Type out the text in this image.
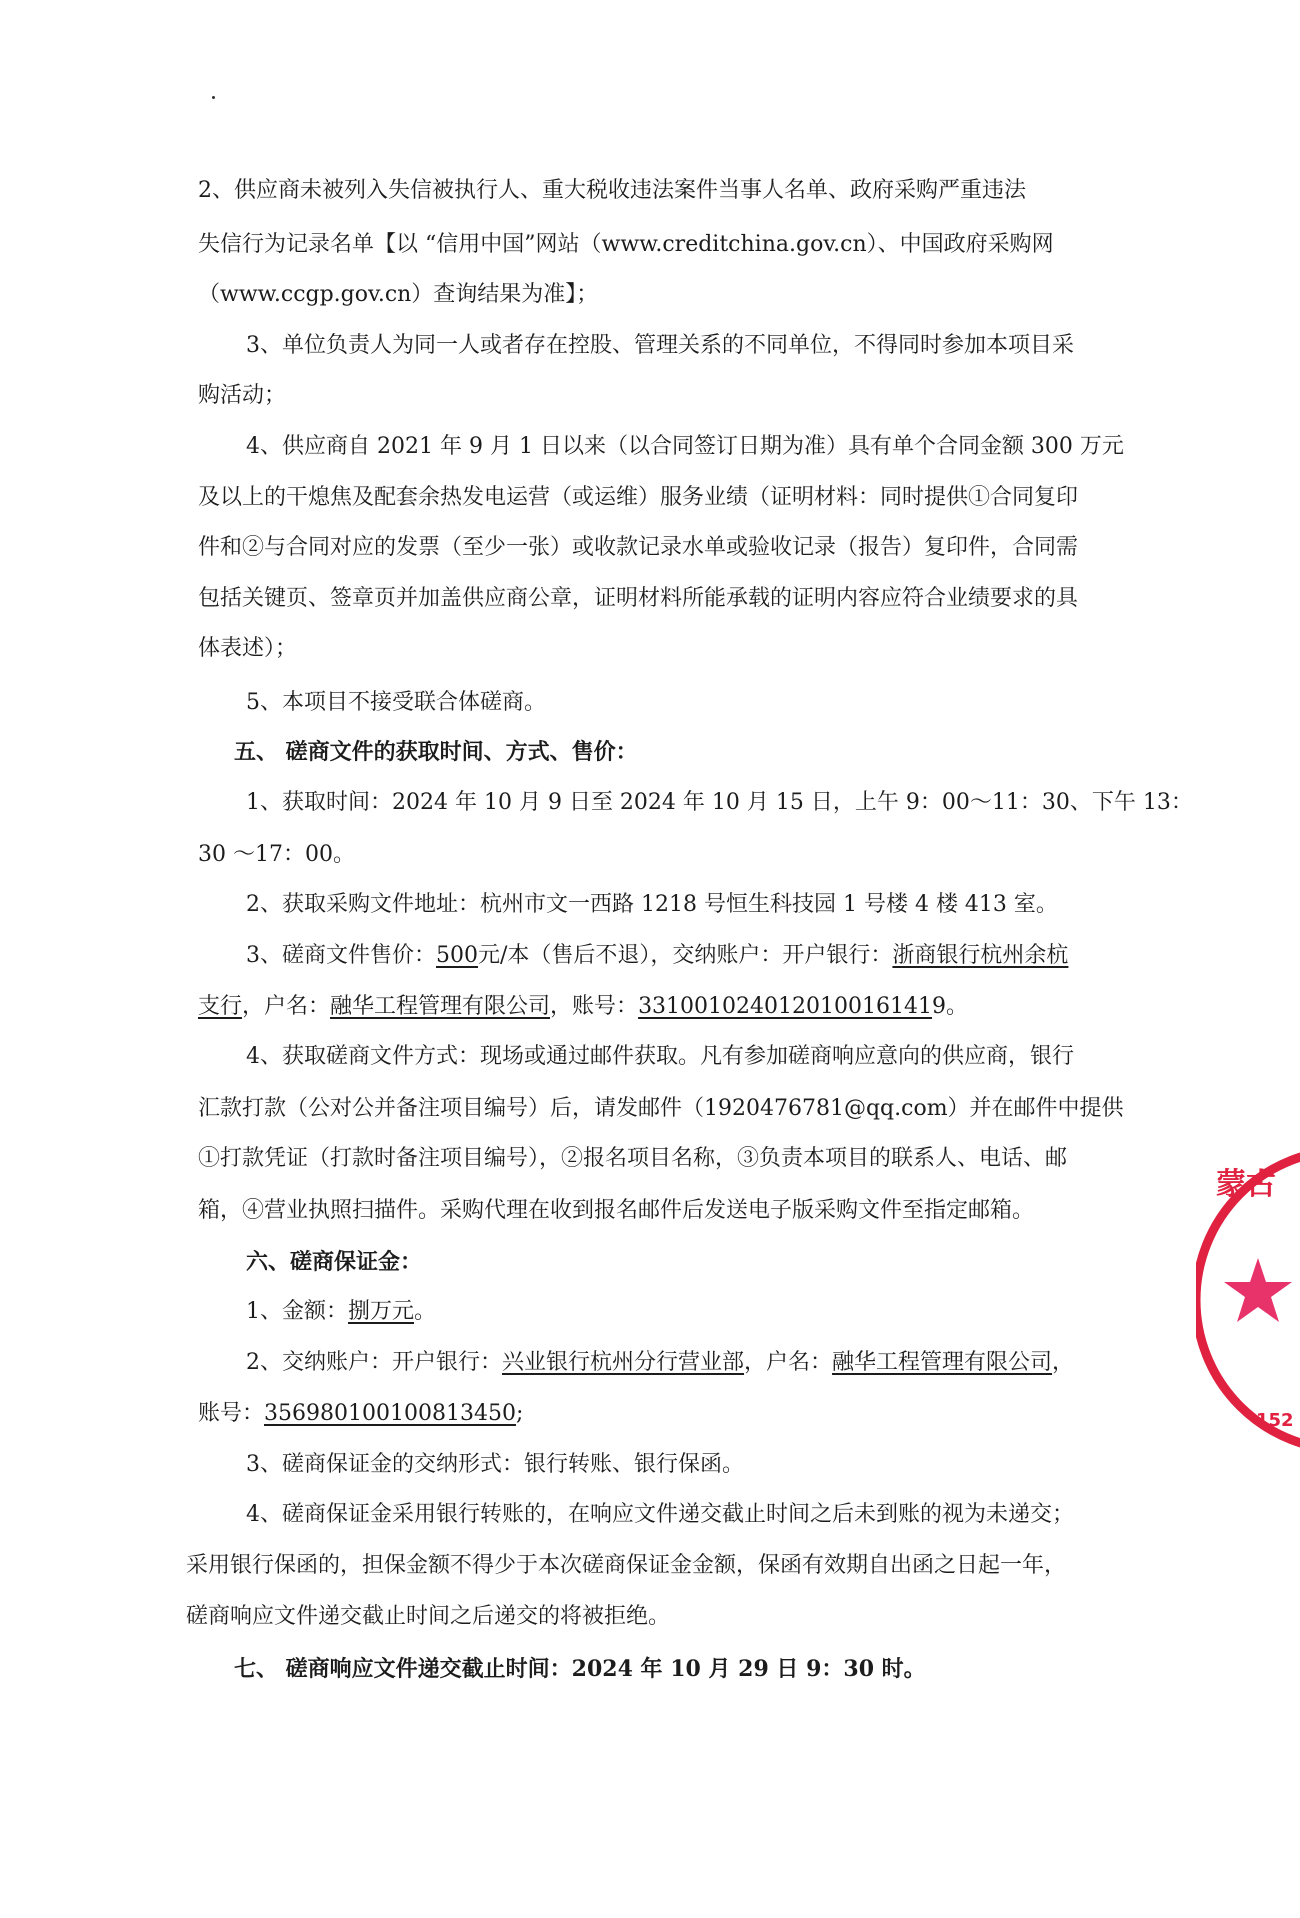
2、供应商未被列入失信被执行人、重大税收违法案件当事人名单、政府采购严重违法
失信行为记录名单【以 “信用中国”网站（www.creditchina.gov.cn）、中国政府采购网
（www.ccgp.gov.cn）查询结果为准】；
3、单位负责人为同一人或者存在控股、管理关系的不同单位，不得同时参加本项目采
购活动；
4、供应商自 2021 年 9 月 1 日以来（以合同签订日期为准）具有单个合同金额 300 万元
及以上的干熄焦及配套余热发电运营（或运维）服务业绩（证明材料：同时提供①合同复印
件和②与合同对应的发票（至少一张）或收款记录水单或验收记录（报告）复印件，合同需
包括关键页、签章页并加盖供应商公章，证明材料所能承载的证明内容应符合业绩要求的具
体表述）；
5、本项目不接受联合体磋商。
五、 磋商文件的获取时间、方式、售价：
1、获取时间：2024 年 10 月 9 日至 2024 年 10 月 15 日，上午 9：00～11：30、下午 13：
30 ～17：00。
2、获取采购文件地址：杭州市文一西路 1218 号恒生科技园 1 号楼 4 楼 413 室。
3、磋商文件售价：500元/本（售后不退），交纳账户：开户银行：浙商银行杭州余杭
支行，户名：融华工程管理有限公司，账号：3310010240120100161419。
4、获取磋商文件方式：现场或通过邮件获取。凡有参加磋商响应意向的供应商，银行
汇款打款（公对公并备注项目编号）后，请发邮件（1920476781@qq.com）并在邮件中提供
①打款凭证（打款时备注项目编号），②报名项目名称，③负责本项目的联系人、电话、邮
箱，④营业执照扫描件。采购代理在收到报名邮件后发送电子版采购文件至指定邮箱。
六、磋商保证金：
1、金额：捌万元。
2、交纳账户：开户银行：兴业银行杭州分行营业部，户名：融华工程管理有限公司，
账号：356980100100813450;
3、磋商保证金的交纳形式：银行转账、银行保函。
4、磋商保证金采用银行转账的，在响应文件递交截止时间之后未到账的视为未递交；
采用银行保函的，担保金额不得少于本次磋商保证金金额，保函有效期自出函之日起一年，
磋商响应文件递交截止时间之后递交的将被拒绝。
七、 磋商响应文件递交截止时间：2024 年 10 月 29 日 9：30 时。
蒙古
152
